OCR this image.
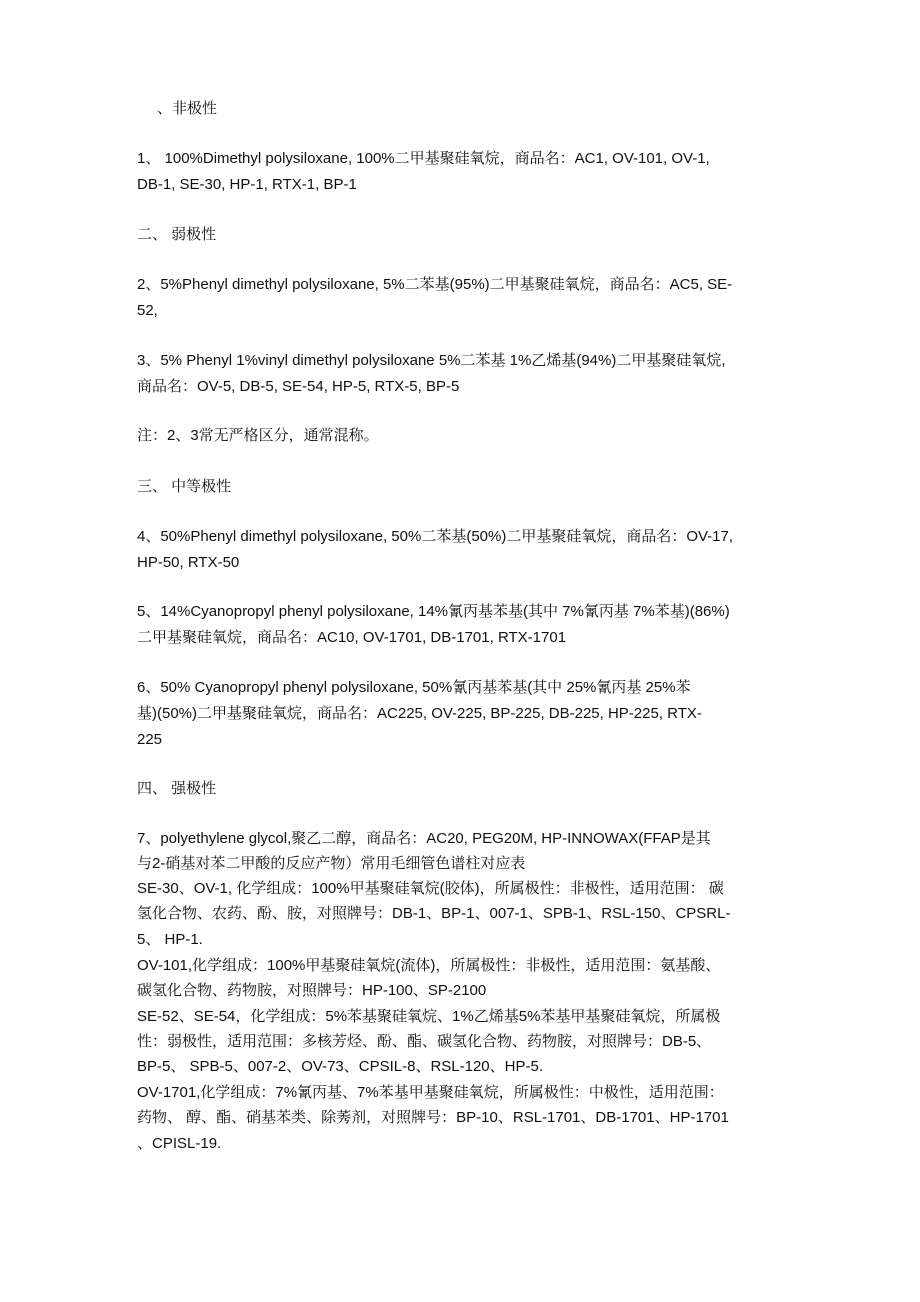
、非极性
1、 100%Dimethyl polysiloxane, 100%二甲基聚硅氧烷，商品名：AC1, OV-101, OV-1,
DB-1, SE-30, HP-1, RTX-1, BP-1
二、 弱极性
2、5%Phenyl dimethyl polysiloxane, 5%二苯基(95%)二甲基聚硅氧烷，商品名：AC5, SE-
52,
3、5% Phenyl 1%vinyl dimethyl polysiloxane 5%二苯基 1%乙烯基(94%)二甲基聚硅氧烷,
商品名：OV-5, DB-5, SE-54, HP-5, RTX-5, BP-5
注：2、3常无严格区分，通常混称。
三、 中等极性
4、50%Phenyl dimethyl polysiloxane, 50%二苯基(50%)二甲基聚硅氧烷，商品名：OV-17,
HP-50, RTX-50
5、14%Cyanopropyl phenyl polysiloxane, 14%氰丙基苯基(其中 7%氰丙基 7%苯基)(86%)
二甲基聚硅氧烷，商品名：AC10, OV-1701, DB-1701, RTX-1701
6、50% Cyanopropyl phenyl polysiloxane, 50%氰丙基苯基(其中 25%氰丙基 25%苯
基)(50%)二甲基聚硅氧烷，商品名：AC225, OV-225, BP-225, DB-225, HP-225, RTX-
225
四、 强极性
7、polyethylene glycol,聚乙二醇，商品名：AC20, PEG20M, HP-INNOWAX(FFAP是其
与2-硝基对苯二甲酸的反应产物）常用毛细管色谱柱对应表
SE-30、OV-1, 化学组成：100%甲基聚硅氧烷(胶体)，所属极性：非极性，适用范围： 碳
氢化合物、农药、酚、胺，对照牌号：DB-1、BP-1、007-1、SPB-1、RSL-150、CPSRL-
5、 HP-1.
OV-101,化学组成：100%甲基聚硅氧烷(流体)，所属极性：非极性，适用范围：氨基酸、
碳氢化合物、药物胺，对照牌号：HP-100、SP-2100
SE-52、SE-54，化学组成：5%苯基聚硅氧烷、1%乙烯基5%苯基甲基聚硅氧烷，所属极
性：弱极性，适用范围：多核芳烃、酚、酯、碳氢化合物、药物胺，对照牌号：DB-5、
BP-5、 SPB-5、007-2、OV-73、CPSIL-8、RSL-120、HP-5.
OV-1701,化学组成：7%氰丙基、7%苯基甲基聚硅氧烷，所属极性：中极性，适用范围：
药物、 醇、酯、硝基苯类、除莠剂，对照牌号：BP-10、RSL-1701、DB-1701、HP-1701
、CPISL-19.
